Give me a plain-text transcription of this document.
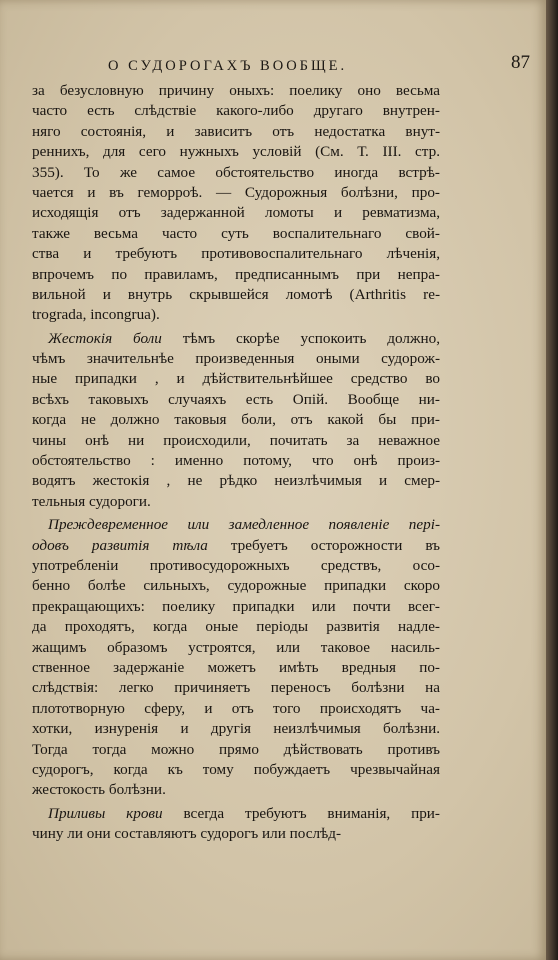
О СУДОРОГАХЪ ВООБЩЕ.	87
за безусловную причину оныхъ: поелику оно весьма
часто есть слѣдствіе какого-либо другаго внутрен-
няго состоянія, и зависитъ отъ недостатка внут-
реннихъ, для сего нужныхъ условій (См. Т. III. стр.
355). То же самое обстоятельство иногда встрѣ-
чается и въ геморроѣ. — Судорожныя болѣзни, про-
исходящія отъ задержанной ломоты и ревматизма,
также весьма часто суть воспалительнаго свой-
ства и требуютъ противовоспалительнаго лѣченія,
впрочемъ по правиламъ, предписаннымъ при непра-
вильной и внутрь скрывшейся ломотѣ (Arthritis re-
trograda, incongrua).
Жестокія боли тѣмъ скорѣе успокоить должно,
чѣмъ значительнѣе произведенныя оными судорож-
ные припадки , и дѣйствительнѣйшее средство во
всѣхъ таковыхъ случаяхъ есть Опій. Вообще ни-
когда не должно таковыя боли, отъ какой бы при-
чины онѣ ни происходили, почитать за неважное
обстоятельство : именно потому, что онѣ произ-
водятъ жестокія , не рѣдко неизлѣчимыя и смер-
тельныя судороги.
Преждевременное или замедленное появленіе пері-
одовъ развитія тѣла требуетъ осторожности въ
употребленіи противосудорожныхъ средствъ, осо-
бенно болѣе сильныхъ, судорожные припадки скоро
прекращающихъ: поелику припадки или почти всег-
да проходятъ, когда оные періоды развитія надле-
жащимъ образомъ устроятся, или таковое насиль-
ственное задержаніе можетъ имѣть вредныя по-
слѣдствія: легко причиняетъ переносъ болѣзни на
плототворную сферу, и отъ того происходятъ ча-
хотки, изнуренія и другія неизлѣчимыя болѣзни.
Тогда тогда можно прямо дѣйствовать противъ
судорогъ, когда къ тому побуждаетъ чрезвычайная
жестокость болѣзни.
Приливы крови всегда требуютъ вниманія, при-
чину ли они составляютъ судорогъ или послѣд-
